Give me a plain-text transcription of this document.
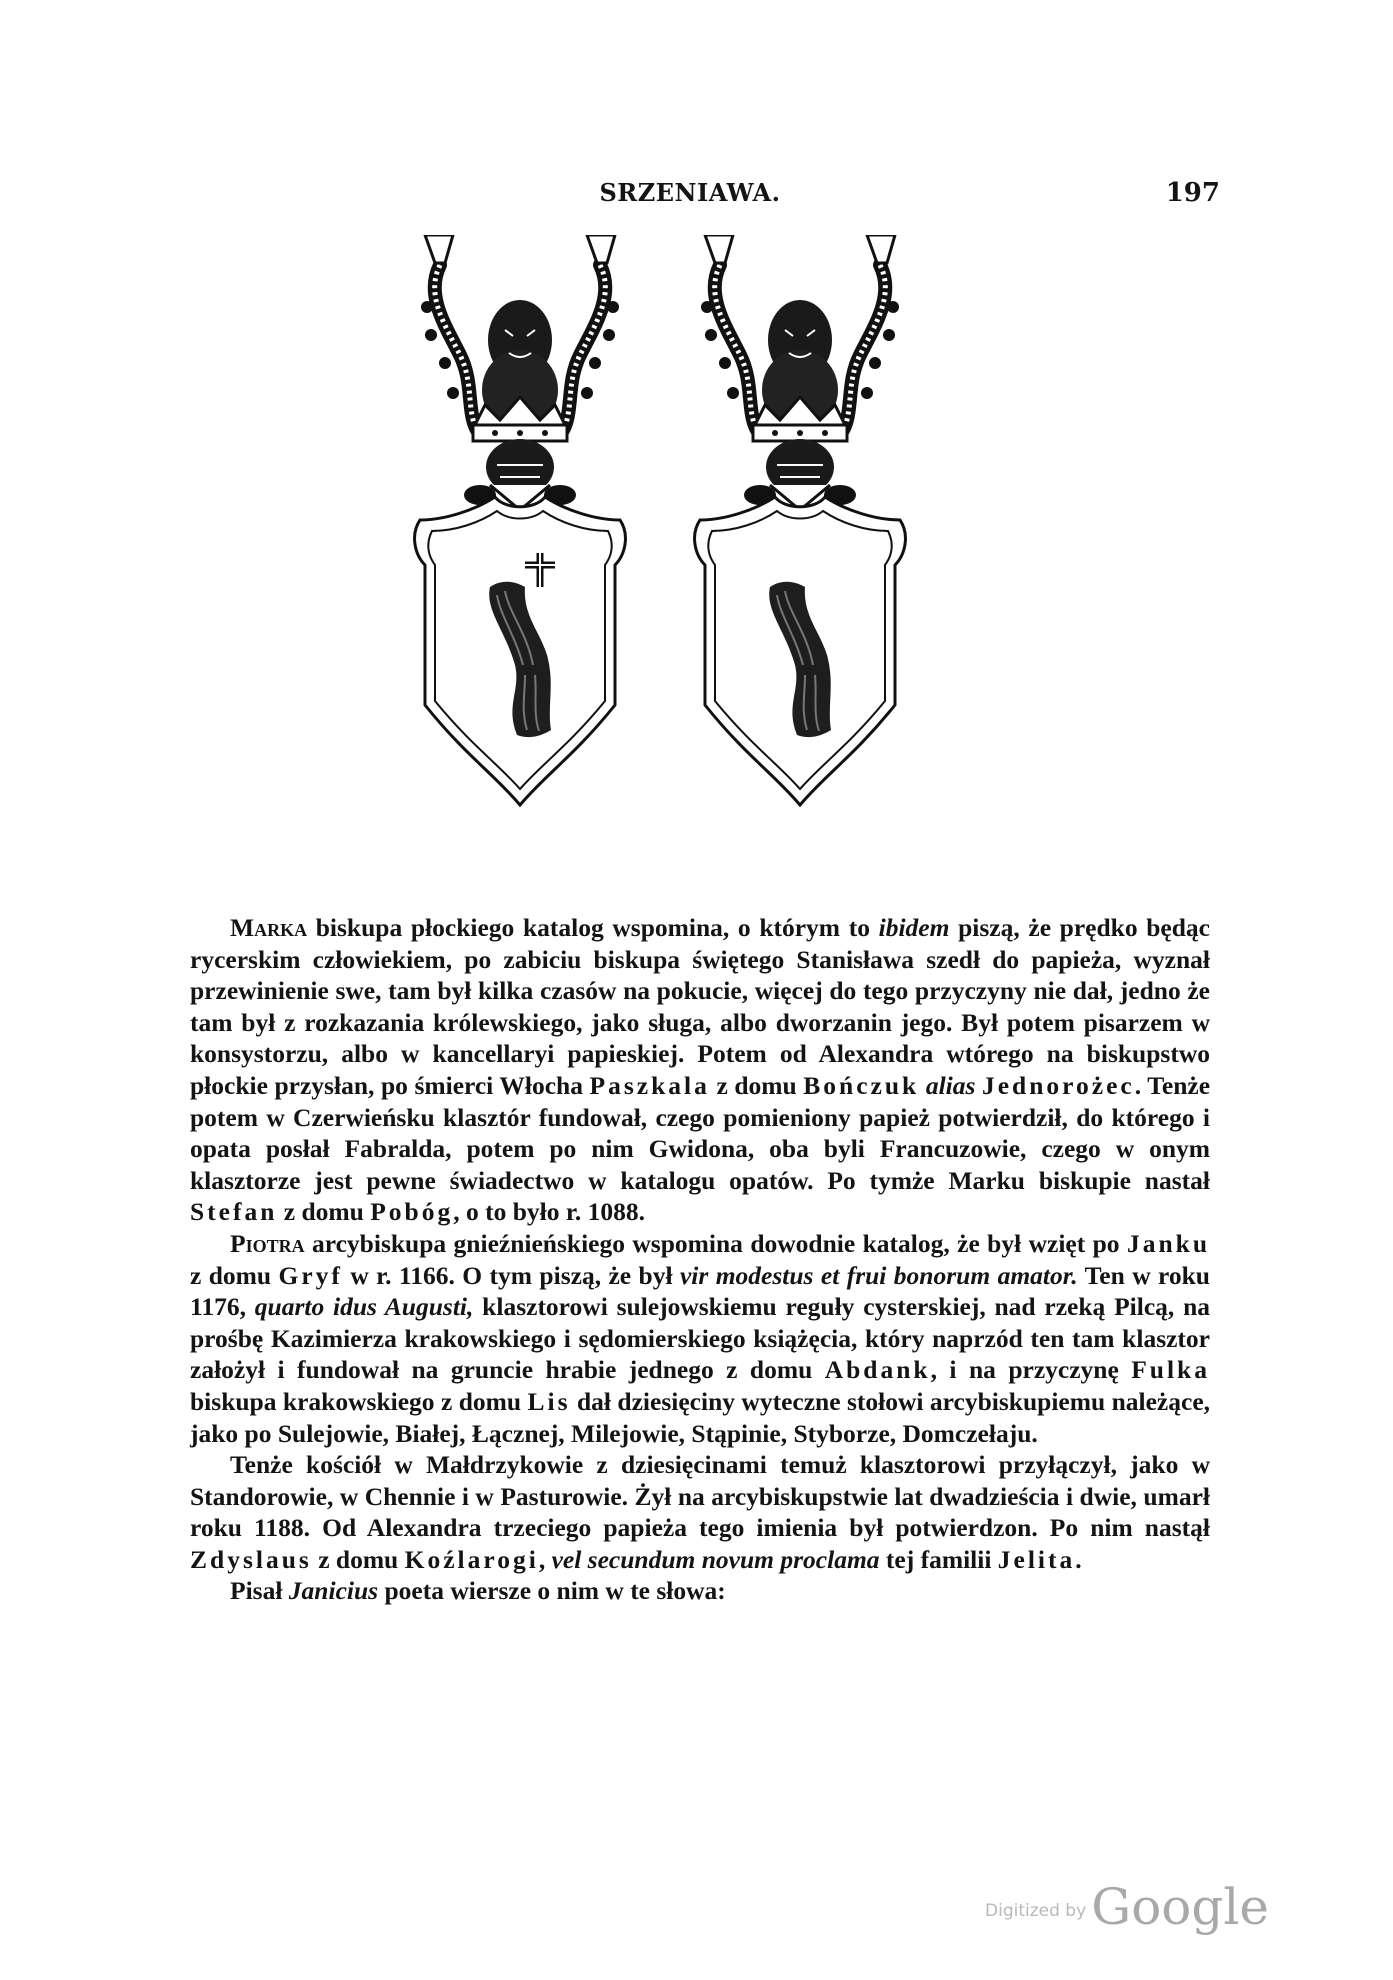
SRZENIAWA.	197

Marka biskupa płockiego katalog wspomina, o którym to ibidem piszą, że prędko będąc rycerskim człowiekiem, po zabiciu biskupa świętego Stanisława szedł do papieża, wyznał przewinienie swe, tam był kilka czasów na pokucie, więcej do tego przyczyny nie dał, jedno że tam był z rozkazania królewskiego, jako sługa, albo dworzanin jego. Był potem pisarzem w konsystorzu, albo w kancellaryi papieskiej. Potem od Alexandra wtórego na biskupstwo płockie przysłan, po śmierci Włocha Paszkala z domu Bończuk alias Jednorożec. Tenże potem w Czerwieńsku klasztór fundował, czego pomieniony papież potwierdził, do którego i opata posłał Fabralda, potem po nim Gwidona, oba byli Francuzowie, czego w onym klasztorze jest pewne świadectwo w katalogu opatów. Po tymże Marku biskupie nastał Stefan z domu Pobóg, o to było r. 1088.

Piotra arcybiskupa gnieźnieńskiego wspomina dowodnie katalog, że był wzięt po Janku z domu Gryf w r. 1166. O tym piszą, że był vir modestus et frui bonorum amator. Ten w roku 1176, quarto idus Augusti, klasztorowi sulejowskiemu reguły cysterskiej, nad rzeką Pilcą, na prośbę Kazimierza krakowskiego i sędomierskiego książęcia, który naprzód ten tam klasztor założył i fundował na gruncie hrabie jednego z domu Abdank, i na przyczynę Fulka biskupa krakowskiego z domu Lis dał dziesięciny wyteczne stołowi arcybiskupiemu należące, jako po Sulejowie, Białej, Łącznej, Milejowie, Stąpinie, Styborze, Domczełaju.

Tenże kościół w Małdrzykowie z dziesięcinami temuż klasztorowi przyłączył, jako w Standorowie, w Chennie i w Pasturowie. Żył na arcybiskupstwie lat dwadzieścia i dwie, umarł roku 1188. Od Alexandra trzeciego papieża tego imienia był potwierdzon. Po nim nastął Zdyslaus z domu Koźlarogi, vel secundum novum proclama tej familii Jelita.

Pisał Janicius poeta wiersze o nim w te słowa:

Digitized by Google
